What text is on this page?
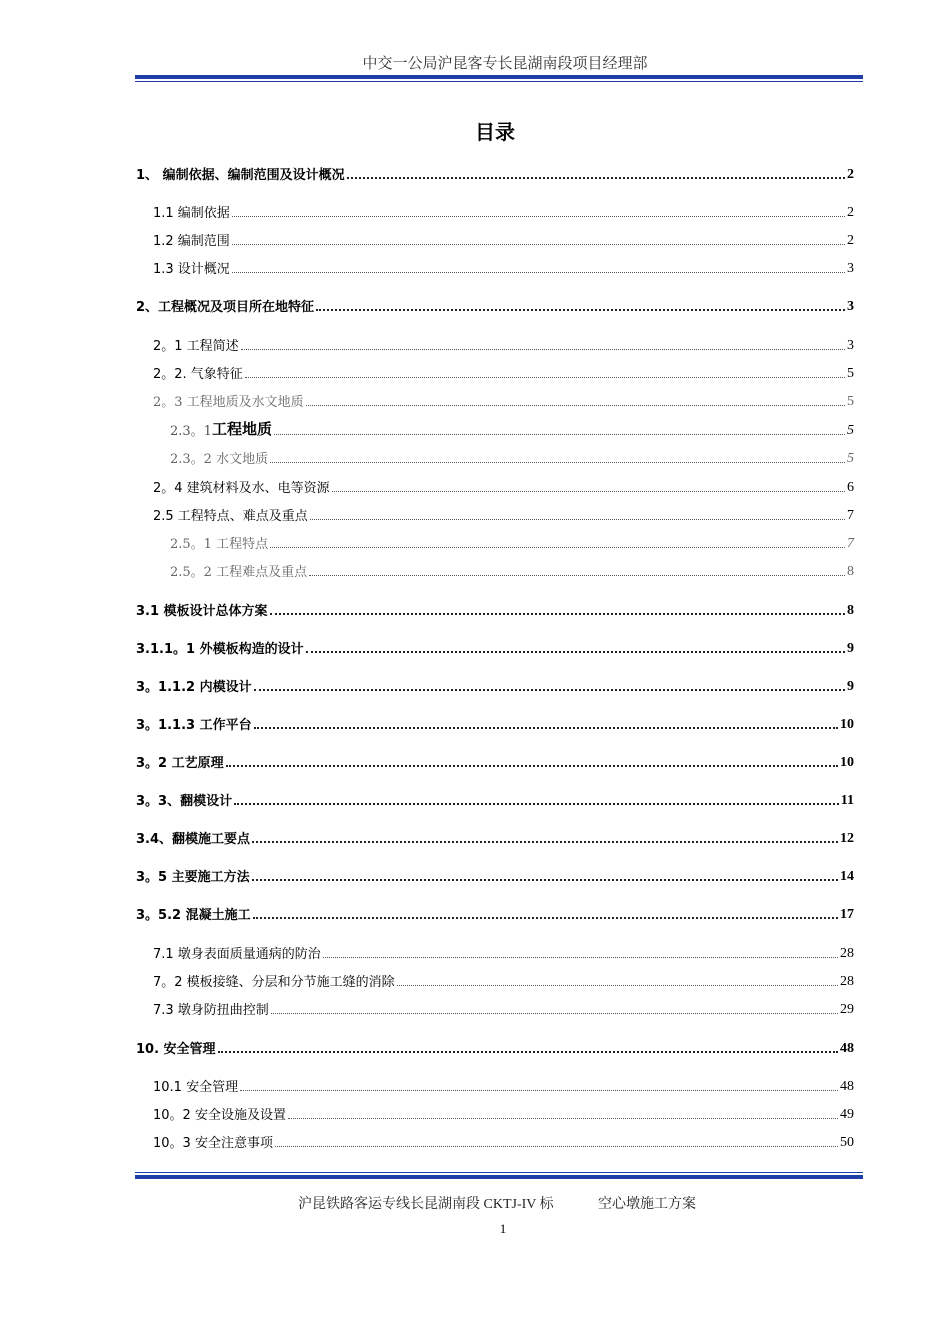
中交一公局沪昆客专长昆湖南段项目经理部
目录
1、 编制依据、编制范围及设计概况	2
1.1 编制依据	2
1.2 编制范围	2
1.3 设计概况	3
2、工程概况及项目所在地特征	3
2。1 工程简述	3
2。2. 气象特征	5
2。3 工程地质及水文地质	5
2.3。1 工程地质	5
2.3。2 水文地质	5
2。4 建筑材料及水、电等资源	6
2.5 工程特点、难点及重点	7
2.5。1 工程特点	7
2.5。2 工程难点及重点	8
3.1 模板设计总体方案	8
3.1.1。1 外模板构造的设计	9
3。1.1.2 内模设计	9
3。1.1.3 工作平台	10
3。2 工艺原理	10
3。3、翻模设计	11
3.4、翻模施工要点	12
3。5 主要施工方法	14
3。5.2 混凝土施工	17
7.1 墩身表面质量通病的防治	28
7。2 模板接缝、分层和分节施工缝的消除	28
7.3 墩身防扭曲控制	29
10. 安全管理	48
10.1 安全管理	48
10。2 安全设施及设置	49
10。3 安全注意事项	50
沪昆铁路客运专线长昆湖南段 CKTJ-IV 标	空心墩施工方案
1
